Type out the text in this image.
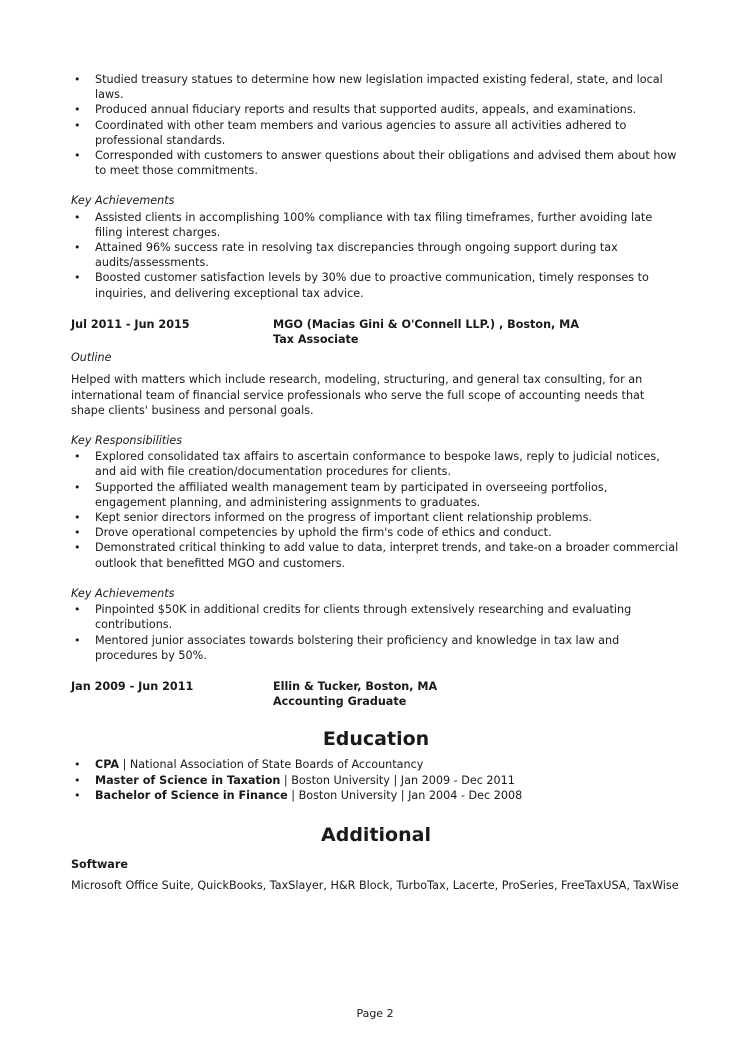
• Studied treasury statues to determine how new legislation impacted existing federal, state, and local laws.
• Produced annual fiduciary reports and results that supported audits, appeals, and examinations.
• Coordinated with other team members and various agencies to assure all activities adhered to professional standards.
• Corresponded with customers to answer questions about their obligations and advised them about how to meet those commitments.
Key Achievements
• Assisted clients in accomplishing 100% compliance with tax filing timeframes, further avoiding late filing interest charges.
• Attained 96% success rate in resolving tax discrepancies through ongoing support during tax audits/assessments.
• Boosted customer satisfaction levels by 30% due to proactive communication, timely responses to inquiries, and delivering exceptional tax advice.
Jul 2011 - Jun 2015	MGO (Macias Gini & O'Connell LLP.) , Boston, MA
Tax Associate
Outline
Helped with matters which include research, modeling, structuring, and general tax consulting, for an international team of financial service professionals who serve the full scope of accounting needs that shape clients' business and personal goals.
Key Responsibilities
• Explored consolidated tax affairs to ascertain conformance to bespoke laws, reply to judicial notices, and aid with file creation/documentation procedures for clients.
• Supported the affiliated wealth management team by participated in overseeing portfolios, engagement planning, and administering assignments to graduates.
• Kept senior directors informed on the progress of important client relationship problems.
• Drove operational competencies by uphold the firm's code of ethics and conduct.
• Demonstrated critical thinking to add value to data, interpret trends, and take-on a broader commercial outlook that benefitted MGO and customers.
Key Achievements
• Pinpointed $50K in additional credits for clients through extensively researching and evaluating contributions.
• Mentored junior associates towards bolstering their proficiency and knowledge in tax law and procedures by 50%.
Jan 2009 - Jun 2011	Ellin & Tucker, Boston, MA
Accounting Graduate
Education
• CPA | National Association of State Boards of Accountancy
• Master of Science in Taxation | Boston University | Jan 2009 - Dec 2011
• Bachelor of Science in Finance | Boston University | Jan 2004 - Dec 2008
Additional
Software
Microsoft Office Suite, QuickBooks, TaxSlayer, H&R Block, TurboTax, Lacerte, ProSeries, FreeTaxUSA, TaxWise
Page 2
